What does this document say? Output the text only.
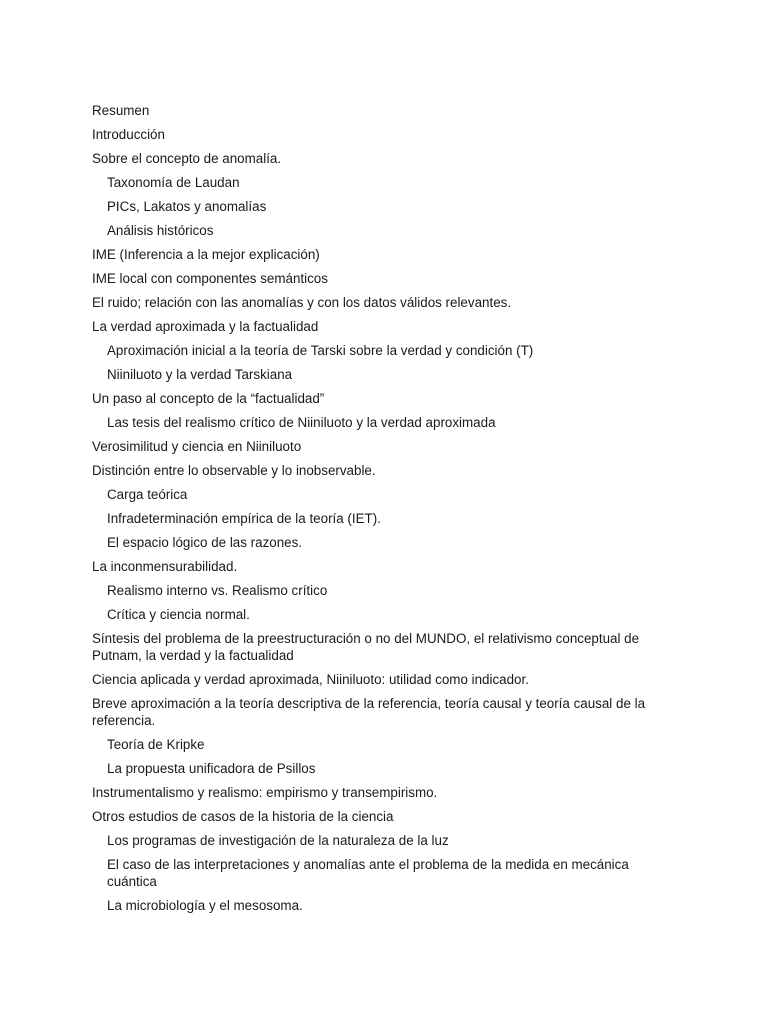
Resumen
Introducción
Sobre el concepto de anomalía.
Taxonomía de Laudan
PICs, Lakatos y anomalías
Análisis históricos
IME (Inferencia a la mejor explicación)
IME local con componentes semánticos
El ruido; relación con las anomalías y con los datos válidos relevantes.
La verdad aproximada y la factualidad
Aproximación inicial a la teoría de Tarski sobre la verdad y condición (T)
Niiniluoto y la verdad Tarskiana
Un paso al concepto de la “factualidad”
Las tesis del realismo crítico de Niiniluoto y la verdad aproximada
Verosimilitud y ciencia en Niiniluoto
Distinción entre lo observable y lo inobservable.
Carga teórica
Infradeterminación empírica de la teoría (IET).
El espacio lógico de las razones.
La inconmensurabilidad.
Realismo interno vs. Realismo crítico
Crítica y ciencia normal.
Síntesis del problema de la preestructuración o no del MUNDO, el relativismo conceptual de Putnam, la verdad y la factualidad
Ciencia aplicada y verdad aproximada, Niiniluoto: utilidad como indicador.
Breve aproximación a la teoría descriptiva de la referencia, teoría causal y teoría causal de la referencia.
Teoría de Kripke
La propuesta unificadora de Psillos
Instrumentalismo y realismo: empirismo y transempirismo.
Otros estudios de casos de la historia de la ciencia
Los programas de investigación de la naturaleza de la luz
El caso de las interpretaciones y anomalías ante el problema de la medida en mecánica cuántica
La microbiología y el mesosoma.
